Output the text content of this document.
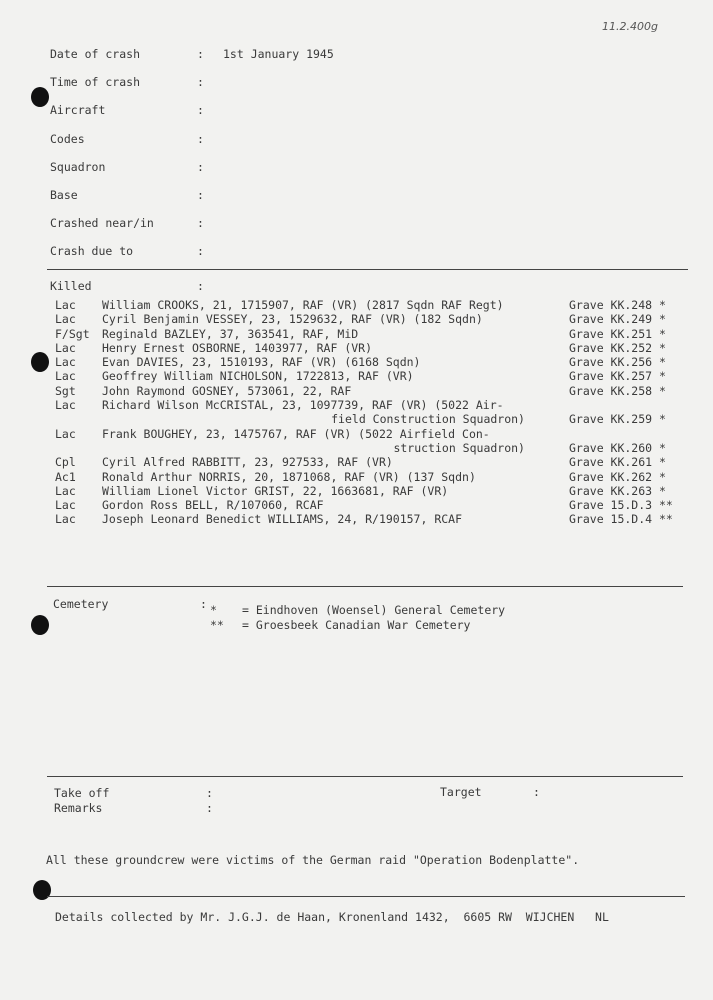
11.2.400g
Date of crash	: 1st January 1945
Time of crash	:
Aircraft	:
Codes	:
Squadron	:
Base	:
Crashed near/in	:
Crash due to	:
Killed	:
Lac William CROOKS, 21, 1715907, RAF (VR) (2817 Sqdn RAF Regt)	Grave KK.248 *
Lac Cyril Benjamin VESSEY, 23, 1529632, RAF (VR) (182 Sqdn)	Grave KK.249 *
F/Sgt Reginald BAZLEY, 37, 363541, RAF, MiD	Grave KK.251 *
Lac Henry Ernest OSBORNE, 1403977, RAF (VR)	Grave KK.252 *
Lac Evan DAVIES, 23, 1510193, RAF (VR) (6168 Sqdn)	Grave KK.256 *
Lac Geoffrey William NICHOLSON, 1722813, RAF (VR)	Grave KK.257 *
Sgt John Raymond GOSNEY, 573061, 22, RAF	Grave KK.258 *
Lac Richard Wilson McCRISTAL, 23, 1097739, RAF (VR) (5022 Air-
field Construction Squadron)	Grave KK.259 *
Lac Frank BOUGHEY, 23, 1475767, RAF (VR) (5022 Airfield Con-
struction Squadron)	Grave KK.260 *
Cpl Cyril Alfred RABBITT, 23, 927533, RAF (VR)	Grave KK.261 *
Ac1 Ronald Arthur NORRIS, 20, 1871068, RAF (VR) (137 Sqdn)	Grave KK.262 *
Lac William Lionel Victor GRIST, 22, 1663681, RAF (VR)	Grave KK.263 *
Lac Gordon Ross BELL, R/107060, RCAF	Grave 15.D.3 **
Lac Joseph Leonard Benedict WILLIAMS, 24, R/190157, RCAF	Grave 15.D.4 **
Cemetery	: * = Eindhoven (Woensel) General Cemetery
** = Groesbeek Canadian War Cemetery
Take off	:	Target	:
Remarks	:
All these groundcrew were victims of the German raid "Operation Bodenplatte".
Details collected by Mr. J.G.J. de Haan, Kronenland 1432,  6605 RW  WIJCHEN   NL
